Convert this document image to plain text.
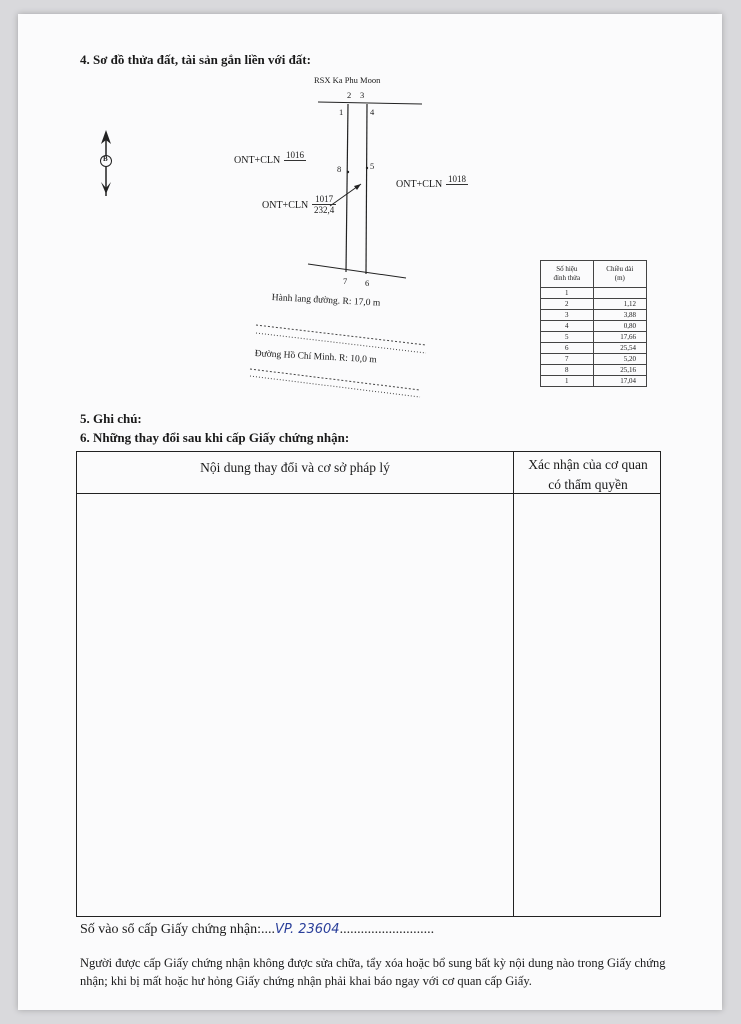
4. Sơ đồ thửa đất, tài sản gắn liền với đất:
RSX Ka Phu Moon
2 3
1	4
8	5
7 6
ONT+CLN 1016
ONT+CLN 1018
$ONT+CLN \frac{1017}{232,4}$
B
Hành lang đường. R: 17,0 m
Đường Hồ Chí Minh. R: 10,0 m
Số hiệu
đỉnh thửa	Chiều dài
(m)
1	
2	1,12
3	3,88
4	0,80
5	17,66
6	25,54
7	5,20
8	25,16
1	17,04
5. Ghi chú:
6. Những thay đổi sau khi cấp Giấy chứng nhận:
Nội dung thay đổi và cơ sở pháp lý	Xác nhận của cơ quan
có thẩm quyền
Số vào sổ cấp Giấy chứng nhận:....VP. 23604...........................
Người được cấp Giấy chứng nhận không được sửa chữa, tẩy xóa hoặc bổ sung bất kỳ nội dung nào trong Giấy chứng nhận; khi bị mất hoặc hư hỏng Giấy chứng nhận phải khai báo ngay với cơ quan cấp Giấy.
